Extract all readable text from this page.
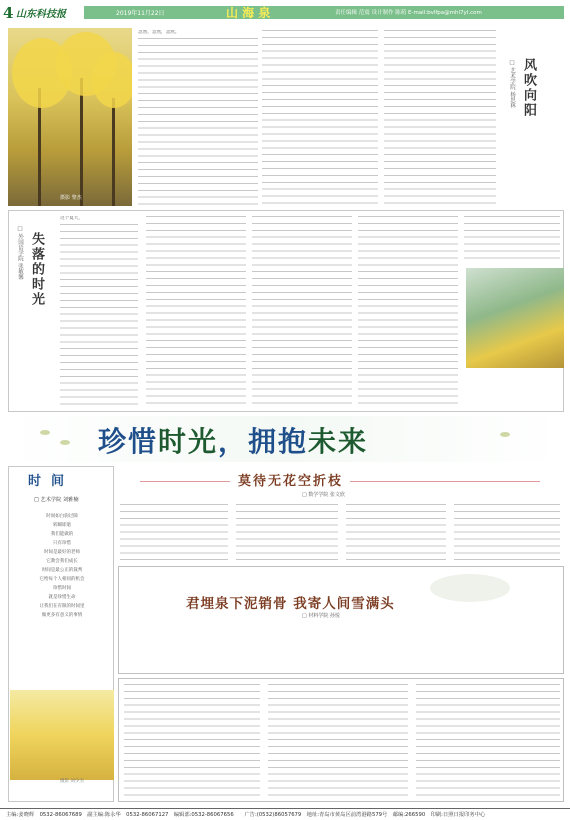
4 山东科技报	2019年11月22日	山 海 泉	责任编辑 范震 设计制作 陈萌 E-mail:bvlfpa@mhl7yl.com
摄影 黎杰
忽然，忽然，忽然。
□ 艺术学院 杨思林 风吹向阳
□ 外国语学院 张敏馨 失落的时光
这个夏天，
珍惜时光，拥抱未来
时间
□ 艺术学院 刘雅楠
时间如白驹过隙
转瞬即逝
我们能做的
只有珍惜
时间是最好的老师
它教会我们成长
时间是最公正的裁判
它给每个人相同的机会
珍惜时间
就是珍惜生命
让我们在有限的时间里
做更多有意义的事情
摄影 刘少杰
莫待无花空折枝
□ 数学学院 张文欣
君埋泉下泥销骨 我寄人间雪满头
□ 材料学院 孙悦
主编:姜晓辉　0532-86067689　副主编:陈永华　0532-86067127　编辑部:0532-86067656　　广告:(0532)86057679　地址:青岛市黄岛区前湾港路579号　邮编:266590　印刷:日照日报印务中心
